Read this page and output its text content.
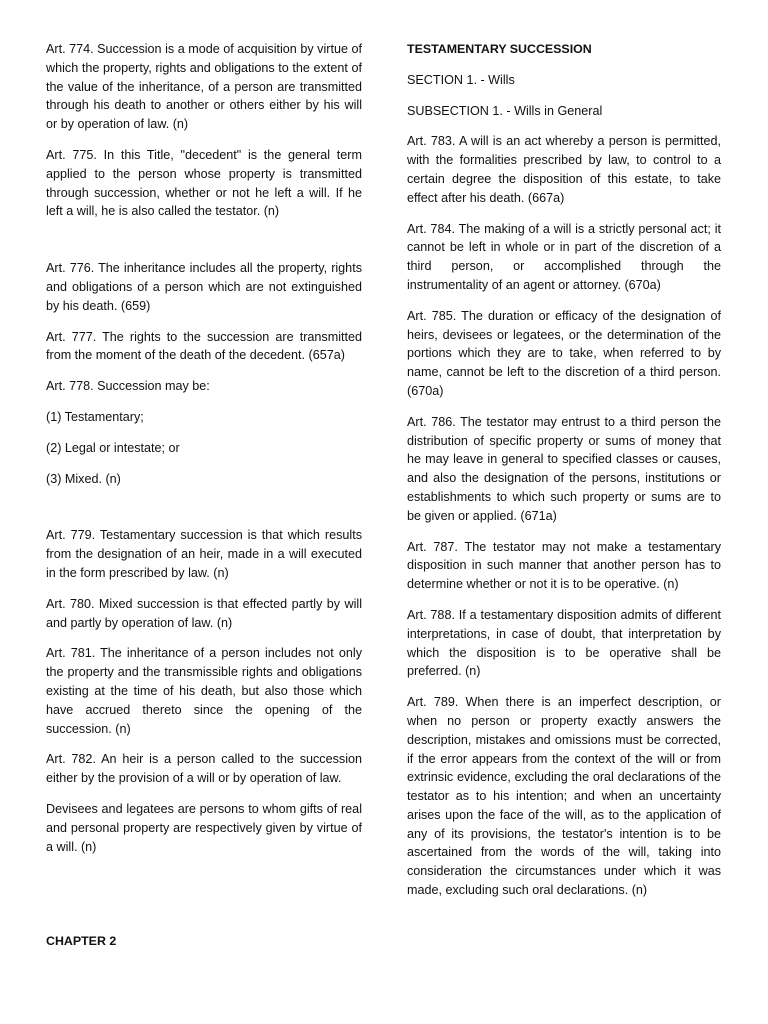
Art. 774. Succession is a mode of acquisition by virtue of which the property, rights and obligations to the extent of the value of the inheritance, of a person are transmitted through his death to another or others either by his will or by operation of law. (n)

Art. 775. In this Title, "decedent" is the general term applied to the person whose property is transmitted through succession, whether or not he left a will. If he left a will, he is also called the testator. (n)

Art. 776. The inheritance includes all the property, rights and obligations of a person which are not extinguished by his death. (659)

Art. 777. The rights to the succession are transmitted from the moment of the death of the decedent. (657a)

Art. 778. Succession may be:

(1) Testamentary;

(2) Legal or intestate; or

(3) Mixed. (n)

Art. 779. Testamentary succession is that which results from the designation of an heir, made in a will executed in the form prescribed by law. (n)

Art. 780. Mixed succession is that effected partly by will and partly by operation of law. (n)

Art. 781. The inheritance of a person includes not only the property and the transmissible rights and obligations existing at the time of his death, but also those which have accrued thereto since the opening of the succession. (n)

Art. 782. An heir is a person called to the succession either by the provision of a will or by operation of law.

Devisees and legatees are persons to whom gifts of real and personal property are respectively given by virtue of a will. (n)

CHAPTER 2

TESTAMENTARY SUCCESSION

SECTION 1. - Wills

SUBSECTION 1. - Wills in General

Art. 783. A will is an act whereby a person is permitted, with the formalities prescribed by law, to control to a certain degree the disposition of this estate, to take effect after his death. (667a)

Art. 784. The making of a will is a strictly personal act; it cannot be left in whole or in part of the discretion of a third person, or accomplished through the instrumentality of an agent or attorney. (670a)

Art. 785. The duration or efficacy of the designation of heirs, devisees or legatees, or the determination of the portions which they are to take, when referred to by name, cannot be left to the discretion of a third person. (670a)

Art. 786. The testator may entrust to a third person the distribution of specific property or sums of money that he may leave in general to specified classes or causes, and also the designation of the persons, institutions or establishments to which such property or sums are to be given or applied. (671a)

Art. 787. The testator may not make a testamentary disposition in such manner that another person has to determine whether or not it is to be operative. (n)

Art. 788. If a testamentary disposition admits of different interpretations, in case of doubt, that interpretation by which the disposition is to be operative shall be preferred. (n)

Art. 789. When there is an imperfect description, or when no person or property exactly answers the description, mistakes and omissions must be corrected, if the error appears from the context of the will or from extrinsic evidence, excluding the oral declarations of the testator as to his intention; and when an uncertainty arises upon the face of the will, as to the application of any of its provisions, the testator's intention is to be ascertained from the words of the will, taking into consideration the circumstances under which it was made, excluding such oral declarations. (n)
